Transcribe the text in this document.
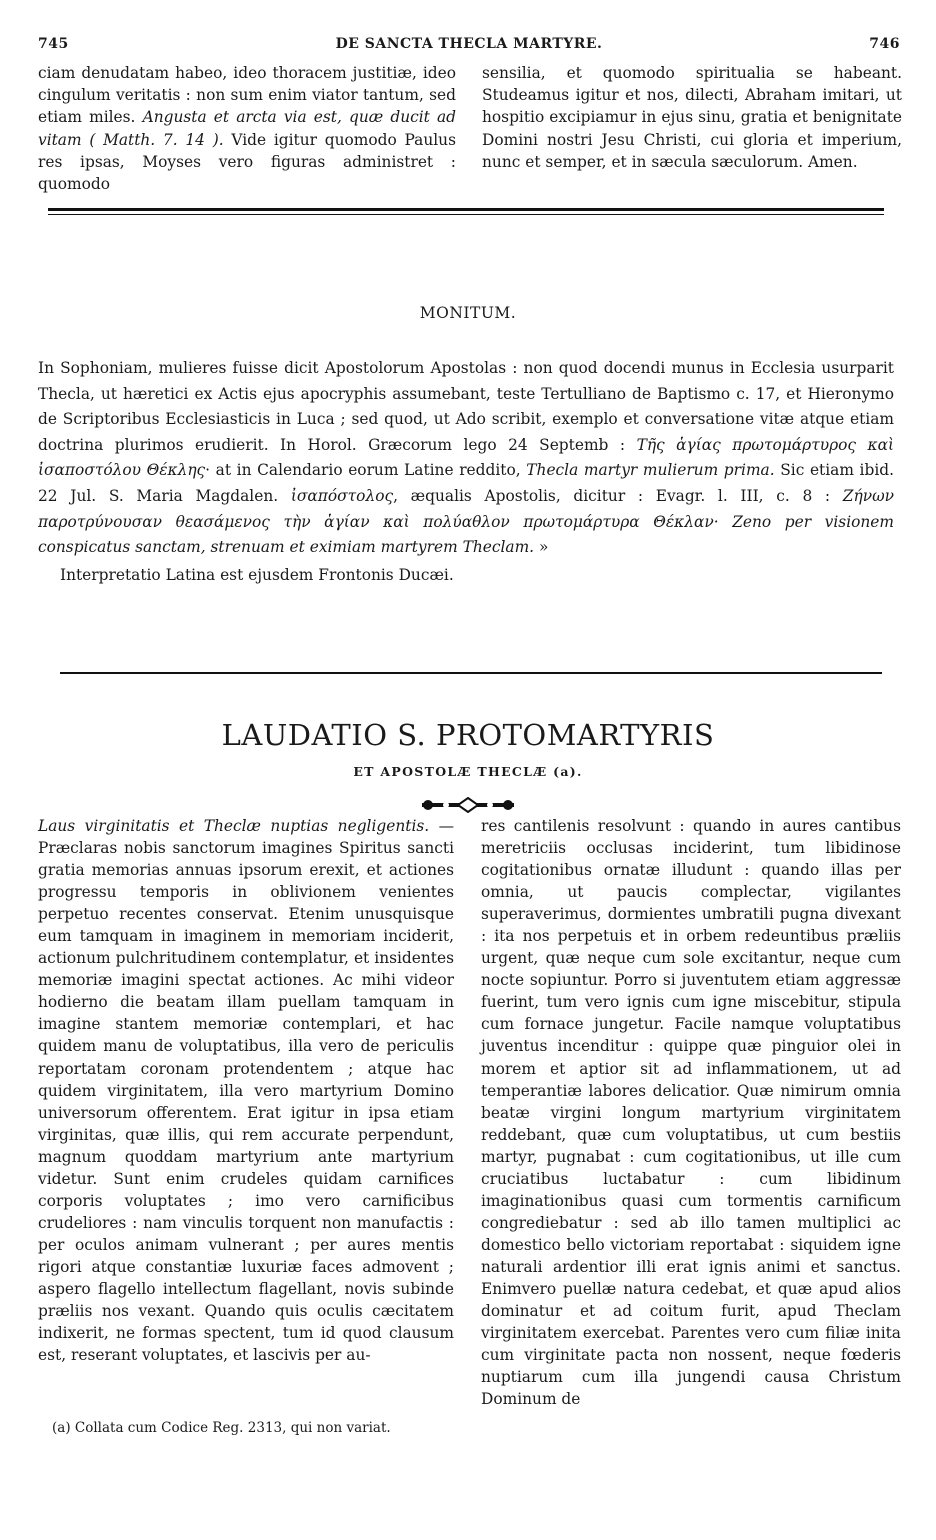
745	DE SANCTA THECLA MARTYRE.	746

ciam denudatam habeo, ideo thoracem justitiæ, ideo cingulum veritatis : non sum enim viator tantum, sed etiam miles. Angusta et arcta via est, quæ ducit ad vitam ( Matth. 7. 14 ). Vide igitur quomodo Paulus res ipsas, Moyses vero figuras administret : quomodo

sensilia, et quomodo spiritualia se habeant. Studeamus igitur et nos, dilecti, Abraham imitari, ut hospitio excipiamur in ejus sinu, gratia et benignitate Domini nostri Jesu Christi, cui gloria et imperium, nunc et semper, et in sæcula sæculorum. Amen.

MONITUM.

In Sophoniam, mulieres fuisse dicit Apostolorum Apostolas : non quod docendi munus in Ecclesia usurparit Thecla, ut hæretici ex Actis ejus apocryphis assumebant, teste Tertulliano de Baptismo c. 17, et Hieronymo de Scriptoribus Ecclesiasticis in Luca ; sed quod, ut Ado scribit, exemplo et conversatione vitæ atque etiam doctrina plurimos erudierit. In Horol. Græcorum lego 24 Septemb : Τῆς ἁγίας πρωτομάρτυρος καὶ ἰσαποστόλου Θέκλης· at in Calendario eorum Latine reddito, Thecla martyr mulierum prima. Sic etiam ibid. 22 Jul. S. Maria Magdalen. ἰσαπόστολος, æqualis Apostolis, dicitur : Evagr. l. III, c. 8 : Ζήνων παροτρύνουσαν θεασάμενος τὴν ἁγίαν καὶ πολύαθλον πρωτομάρτυρα Θέκλαν· Zeno per visionem conspicatus sanctam, strenuam et eximiam martyrem Theclam. »

Interpretatio Latina est ejusdem Frontonis Ducæi.
LAUDATIO S. PROTOMARTYRIS
ET APOSTOLÆ THECLÆ (a).

Laus virginitatis et Theclæ nuptias negligentis. — Præclaras nobis sanctorum imagines Spiritus sancti gratia memorias annuas ipsorum erexit, et actiones progressu temporis in oblivionem venientes perpetuo recentes conservat. Etenim unusquisque eum tamquam in imaginem in memoriam inciderit, actionum pulchritudinem contemplatur, et insidentes memoriæ imagini spectat actiones. Ac mihi videor hodierno die beatam illam puellam tamquam in imagine stantem memoriæ contemplari, et hac quidem manu de voluptatibus, illa vero de periculis reportatam coronam protendentem ; atque hac quidem virginitatem, illa vero martyrium Domino universorum offerentem. Erat igitur in ipsa etiam virginitas, quæ illis, qui rem accurate perpendunt, magnum quoddam martyrium ante martyrium videtur. Sunt enim crudeles quidam carnifices corporis voluptates ; imo vero carnificibus crudeliores : nam vinculis torquent non manufactis : per oculos animam vulnerant ; per aures mentis rigori atque constantiæ luxuriæ faces admovent ; aspero flagello intellectum flagellant, novis subinde præliis nos vexant. Quando quis oculis cæcitatem indixerit, ne formas spectent, tum id quod clausum est, reserant voluptates, et lascivis per au-

res cantilenis resolvunt : quando in aures cantibus meretriciis occlusas inciderint, tum libidinose cogitationibus ornatæ illudunt : quando illas per omnia, ut paucis complectar, vigilantes superaverimus, dormientes umbratili pugna divexant : ita nos perpetuis et in orbem redeuntibus præliis urgent, quæ neque cum sole excitantur, neque cum nocte sopiuntur. Porro si juventutem etiam aggressæ fuerint, tum vero ignis cum igne miscebitur, stipula cum fornace jungetur. Facile namque voluptatibus juventus incenditur : quippe quæ pinguior olei in morem et aptior sit ad inflammationem, ut ad temperantiæ labores delicatior. Quæ nimirum omnia beatæ virgini longum martyrium virginitatem reddebant, quæ cum voluptatibus, ut cum bestiis martyr, pugnabat : cum cogitationibus, ut ille cum cruciatibus luctabatur : cum libidinum imaginationibus quasi cum tormentis carnificum congrediebatur : sed ab illo tamen multiplici ac domestico bello victoriam reportabat : siquidem igne naturali ardentior illi erat ignis animi et sanctus. Enimvero puellæ natura cedebat, et quæ apud alios dominatur et ad coitum furit, apud Theclam virginitatem exercebat. Parentes vero cum filiæ inita cum virginitate pacta non nossent, neque fœderis nuptiarum cum illa jungendi causa Christum Dominum de

(a) Collata cum Codice Reg. 2313, qui non variat.
